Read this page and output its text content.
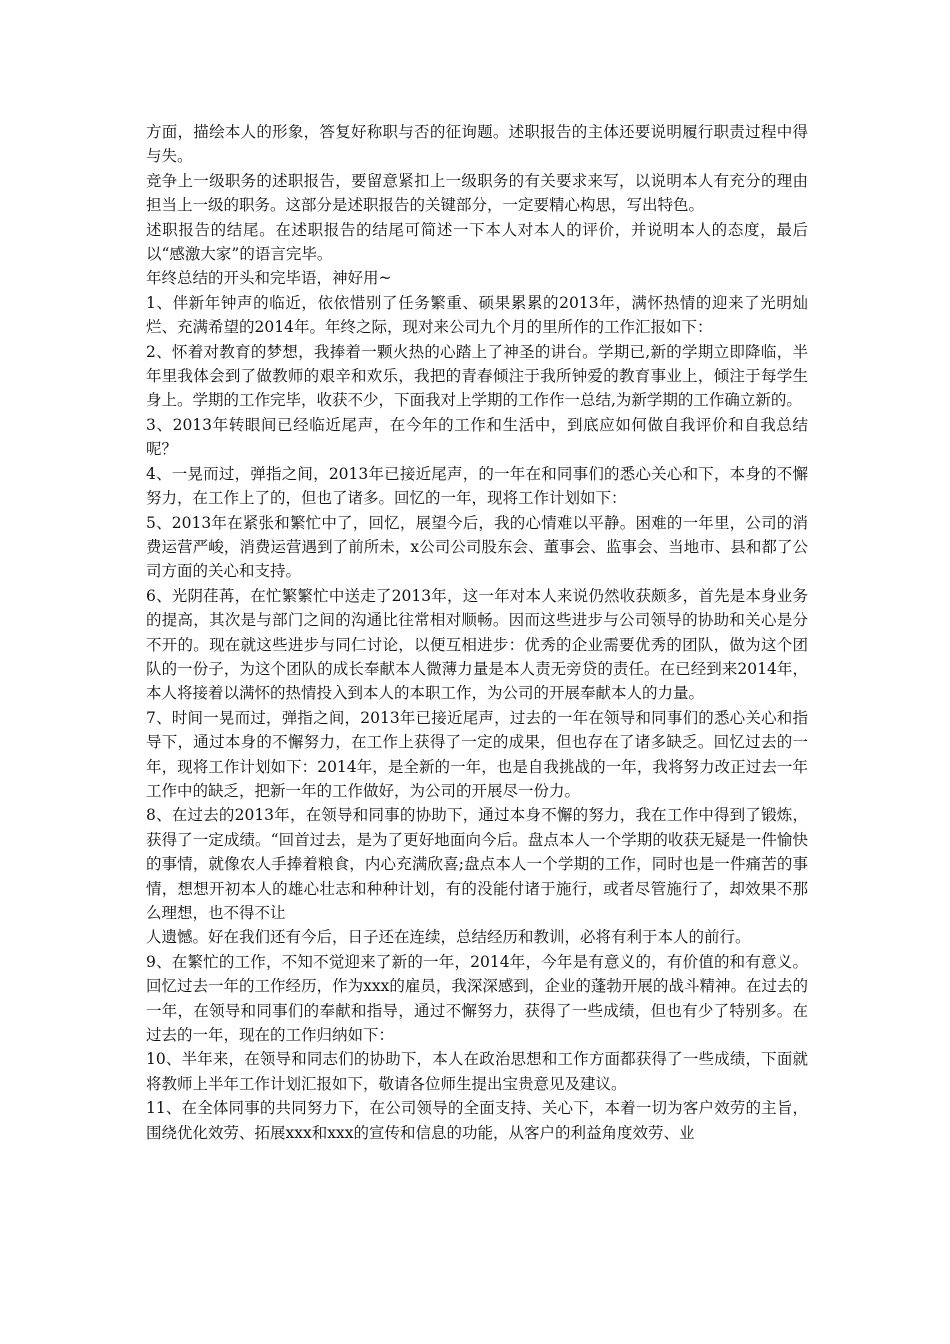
方面，描绘本人的形象，答复好称职与否的征询题。述职报告的主体还要说明履行职责过程中得与失。

竞争上一级职务的述职报告，要留意紧扣上一级职务的有关要求来写，以说明本人有充分的理由担当上一级的职务。这部分是述职报告的关键部分，一定要精心构思，写出特色。

述职报告的结尾。在述职报告的结尾可简述一下本人对本人的评价，并说明本人的态度，最后以“感激大家”的语言完毕。

年终总结的开头和完毕语，神好用~

1、伴新年钟声的临近，依依惜别了任务繁重、硕果累累的2013年，满怀热情的迎来了光明灿烂、充满希望的2014年。年终之际，现对来公司九个月的里所作的工作汇报如下：

2、怀着对教育的梦想，我捧着一颗火热的心踏上了神圣的讲台。学期已,新的学期立即降临，半年里我体会到了做教师的艰辛和欢乐，我把的青春倾注于我所钟爱的教育事业上，倾注于每学生身上。学期的工作完毕，收获不少，下面我对上学期的工作作一总结,为新学期的工作确立新的。

3、2013年转眼间已经临近尾声，在今年的工作和生活中，到底应如何做自我评价和自我总结呢？

4、一晃而过，弹指之间，2013年已接近尾声，的一年在和同事们的悉心关心和下，本身的不懈努力，在工作上了的，但也了诸多。回忆的一年，现将工作计划如下：

5、2013年在紧张和繁忙中了，回忆，展望今后，我的心情难以平静。困难的一年里，公司的消费运营严峻，消费运营遇到了前所未，x公司公司股东会、董事会、监事会、当地市、县和都了公司方面的关心和支持。

6、光阴荏苒，在忙繁繁忙中送走了2013年，这一年对本人来说仍然收获颇多，首先是本身业务的提高，其次是与部门之间的沟通比往常相对顺畅。因而这些进步与公司领导的协助和关心是分不开的。现在就这些进步与同仁讨论，以便互相进步：优秀的企业需要优秀的团队，做为这个团队的一份子，为这个团队的成长奉献本人微薄力量是本人责无旁贷的责任。在已经到来2014年，本人将接着以满怀的热情投入到本人的本职工作，为公司的开展奉献本人的力量。

7、时间一晃而过，弹指之间，2013年已接近尾声，过去的一年在领导和同事们的悉心关心和指导下，通过本身的不懈努力，在工作上获得了一定的成果，但也存在了诸多缺乏。回忆过去的一年，现将工作计划如下：2014年，是全新的一年，也是自我挑战的一年，我将努力改正过去一年工作中的缺乏，把新一年的工作做好，为公司的开展尽一份力。

8、在过去的2013年，在领导和同事的协助下，通过本身不懈的努力，我在工作中得到了锻炼，获得了一定成绩。“回首过去，是为了更好地面向今后。盘点本人一个学期的收获无疑是一件愉快的事情，就像农人手捧着粮食，内心充满欣喜;盘点本人一个学期的工作，同时也是一件痛苦的事情，想想开初本人的雄心壮志和种种计划，有的没能付诸于施行，或者尽管施行了，却效果不那么理想，也不得不让

人遗憾。好在我们还有今后，日子还在连续，总结经历和教训，必将有利于本人的前行。

9、在繁忙的工作，不知不觉迎来了新的一年，2014年，今年是有意义的，有价值的和有意义。回忆过去一年的工作经历，作为xxx的雇员，我深深感到，企业的蓬勃开展的战斗精神。在过去的一年，在领导和同事们的奉献和指导，通过不懈努力，获得了一些成绩，但也有少了特别多。在过去的一年，现在的工作归纳如下：

10、半年来，在领导和同志们的协助下，本人在政治思想和工作方面都获得了一些成绩，下面就将教师上半年工作计划汇报如下，敬请各位师生提出宝贵意见及建议。

11、在全体同事的共同努力下，在公司领导的全面支持、关心下，本着一切为客户效劳的主旨，围绕优化效劳、拓展xxx和xxx的宣传和信息的功能，从客户的利益角度效劳、业
